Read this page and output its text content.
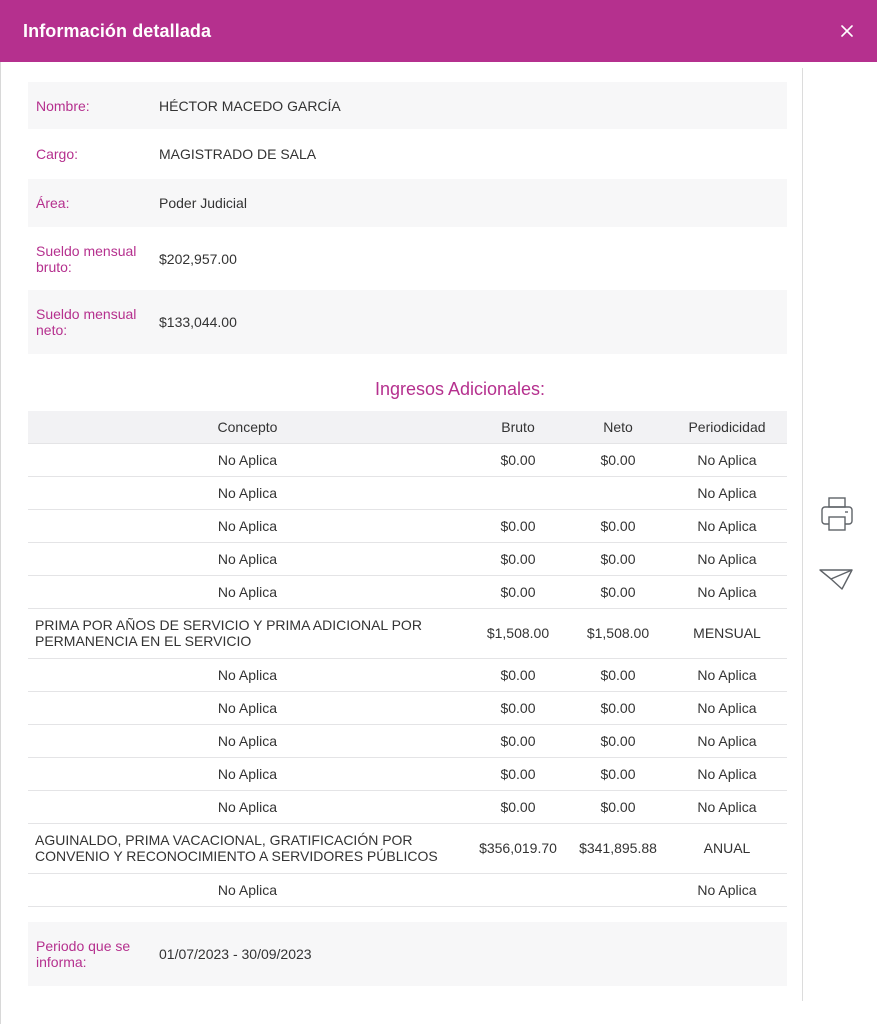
Información detallada
Nombre:	HÉCTOR MACEDO GARCÍA
Cargo:	MAGISTRADO DE SALA
Área:	Poder Judicial
Sueldo mensual bruto:	$202,957.00
Sueldo mensual neto:	$133,044.00
Ingresos Adicionales:
Concepto	Bruto	Neto	Periodicidad
No Aplica	$0.00	$0.00	No Aplica
No Aplica			No Aplica
No Aplica	$0.00	$0.00	No Aplica
No Aplica	$0.00	$0.00	No Aplica
No Aplica	$0.00	$0.00	No Aplica
PRIMA POR AÑOS DE SERVICIO Y PRIMA ADICIONAL POR PERMANENCIA EN EL SERVICIO	$1,508.00	$1,508.00	MENSUAL
No Aplica	$0.00	$0.00	No Aplica
No Aplica	$0.00	$0.00	No Aplica
No Aplica	$0.00	$0.00	No Aplica
No Aplica	$0.00	$0.00	No Aplica
No Aplica	$0.00	$0.00	No Aplica
AGUINALDO, PRIMA VACACIONAL, GRATIFICACIÓN POR CONVENIO Y RECONOCIMIENTO A SERVIDORES PÚBLICOS	$356,019.70	$341,895.88	ANUAL
No Aplica			No Aplica
Periodo que se informa:	01/07/2023 - 30/09/2023
